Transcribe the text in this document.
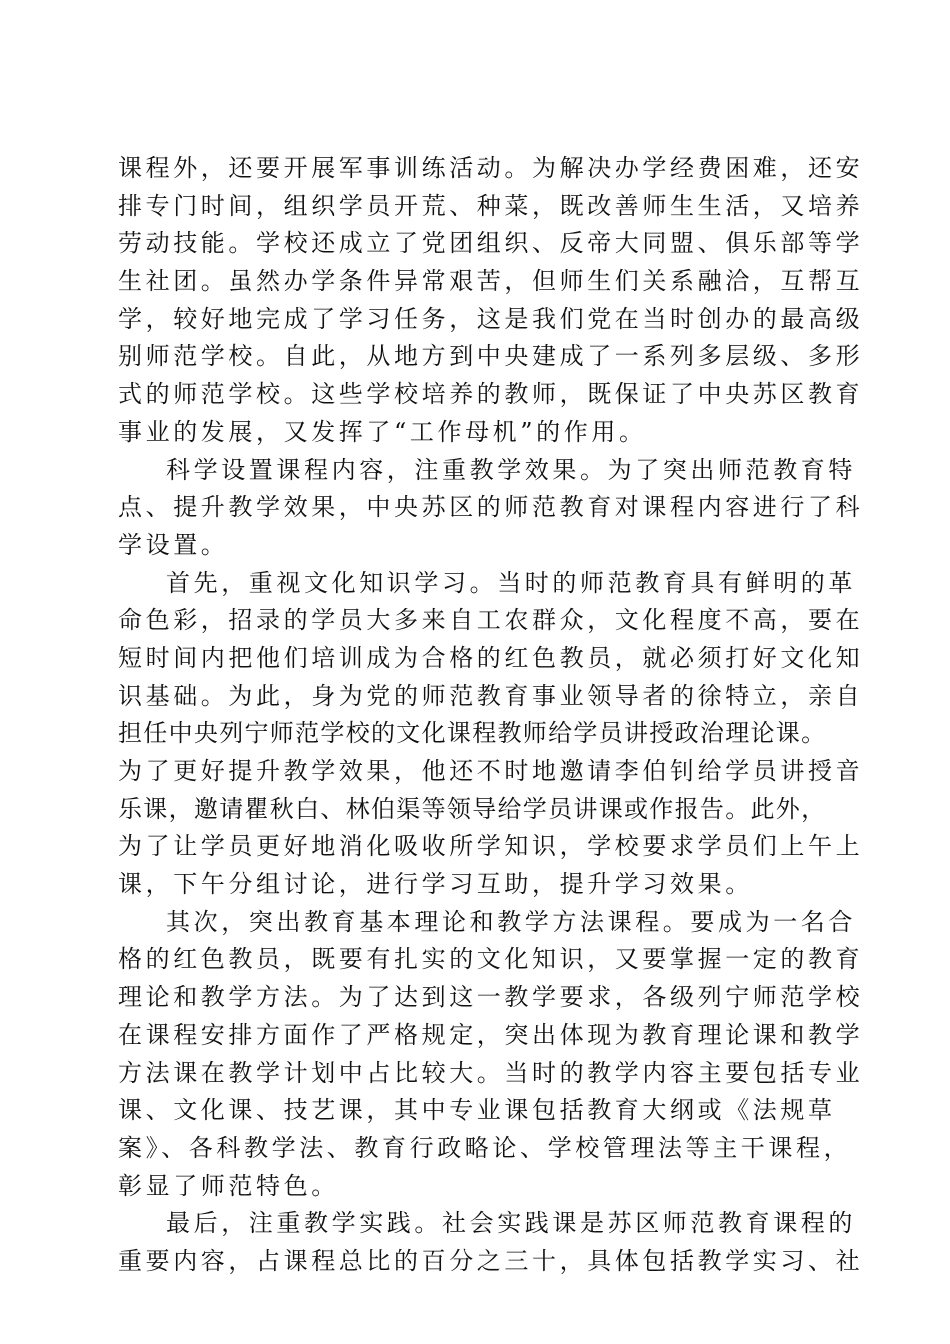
课程外，还要开展军事训练活动。为解决办学经费困难，还安
排专门时间，组织学员开荒、种菜，既改善师生生活，又培养
劳动技能。学校还成立了党团组织、反帝大同盟、俱乐部等学
生社团。虽然办学条件异常艰苦，但师生们关系融洽，互帮互
学，较好地完成了学习任务，这是我们党在当时创办的最高级
别师范学校。自此，从地方到中央建成了一系列多层级、多形
式的师范学校。这些学校培养的教师，既保证了中央苏区教育
事业的发展，又发挥了“工作母机”的作用。
科学设置课程内容，注重教学效果。为了突出师范教育特
点、提升教学效果，中央苏区的师范教育对课程内容进行了科
学设置。
首先，重视文化知识学习。当时的师范教育具有鲜明的革
命色彩，招录的学员大多来自工农群众，文化程度不高，要在
短时间内把他们培训成为合格的红色教员，就必须打好文化知
识基础。为此，身为党的师范教育事业领导者的徐特立，亲自
担任中央列宁师范学校的文化课程教师给学员讲授政治理论课。
为了更好提升教学效果，他还不时地邀请李伯钊给学员讲授音
乐课，邀请瞿秋白、林伯渠等领导给学员讲课或作报告。此外，
为了让学员更好地消化吸收所学知识，学校要求学员们上午上
课，下午分组讨论，进行学习互助，提升学习效果。
其次，突出教育基本理论和教学方法课程。要成为一名合
格的红色教员，既要有扎实的文化知识，又要掌握一定的教育
理论和教学方法。为了达到这一教学要求，各级列宁师范学校
在课程安排方面作了严格规定，突出体现为教育理论课和教学
方法课在教学计划中占比较大。当时的教学内容主要包括专业
课、文化课、技艺课，其中专业课包括教育大纲或《法规草
案》、各科教学法、教育行政略论、学校管理法等主干课程，
彰显了师范特色。
最后，注重教学实践。社会实践课是苏区师范教育课程的
重要内容，占课程总比的百分之三十，具体包括教学实习、社
